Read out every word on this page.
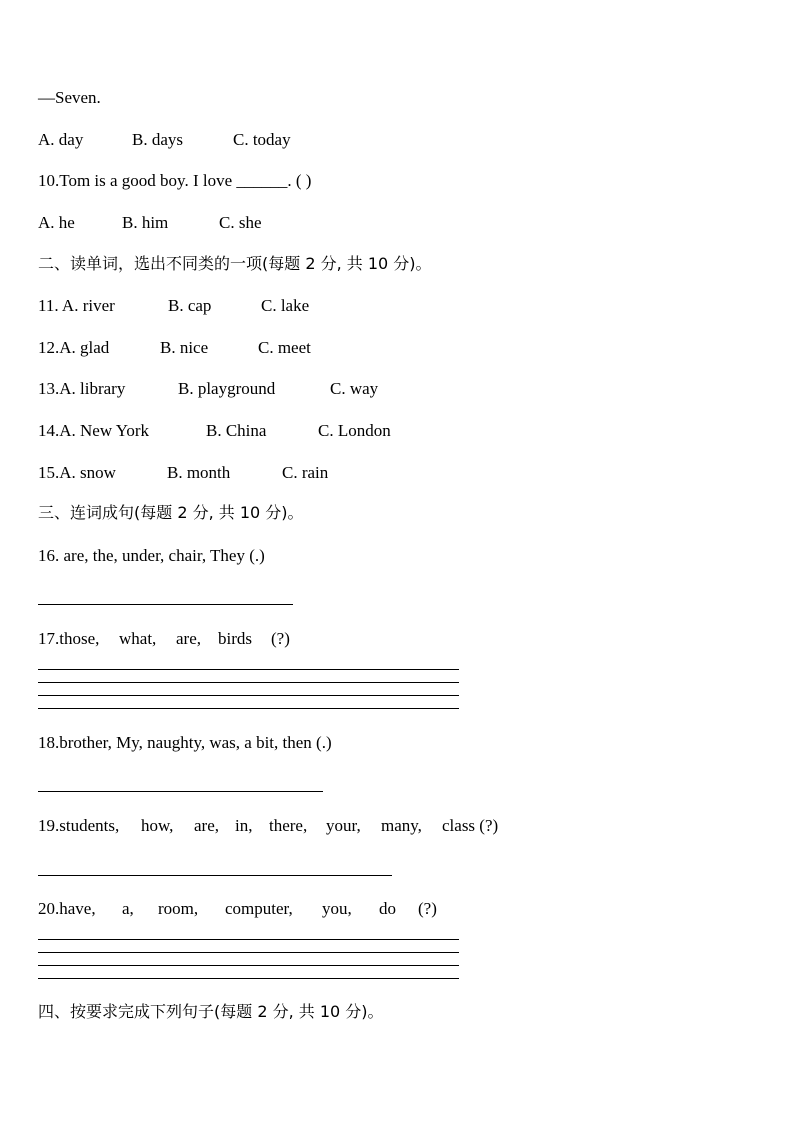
—Seven.
A. day	B. days	C. today
10.Tom is a good boy. I love ______. ( )
A. he	B. him	C. she
二、读单词，选出不同类的一项(每题 2 分, 共 10 分)。
11. A. river	B. cap	C. lake
12.A. glad	B. nice	C. meet
13.A. library	B. playground	C. way
14.A. New York	B. China	C. London
15.A. snow	B. month	C. rain
三、连词成句(每题 2 分, 共 10 分)。
16. are, the, under, chair, They (.)
17.those, what, are, birds (?)
18.brother, My, naughty, was, a bit, then (.)
19.students, how, are, in, there, your, many, class (?)
20.have, a, room, computer, you, do (?)
四、按要求完成下列句子(每题 2 分, 共 10 分)。
